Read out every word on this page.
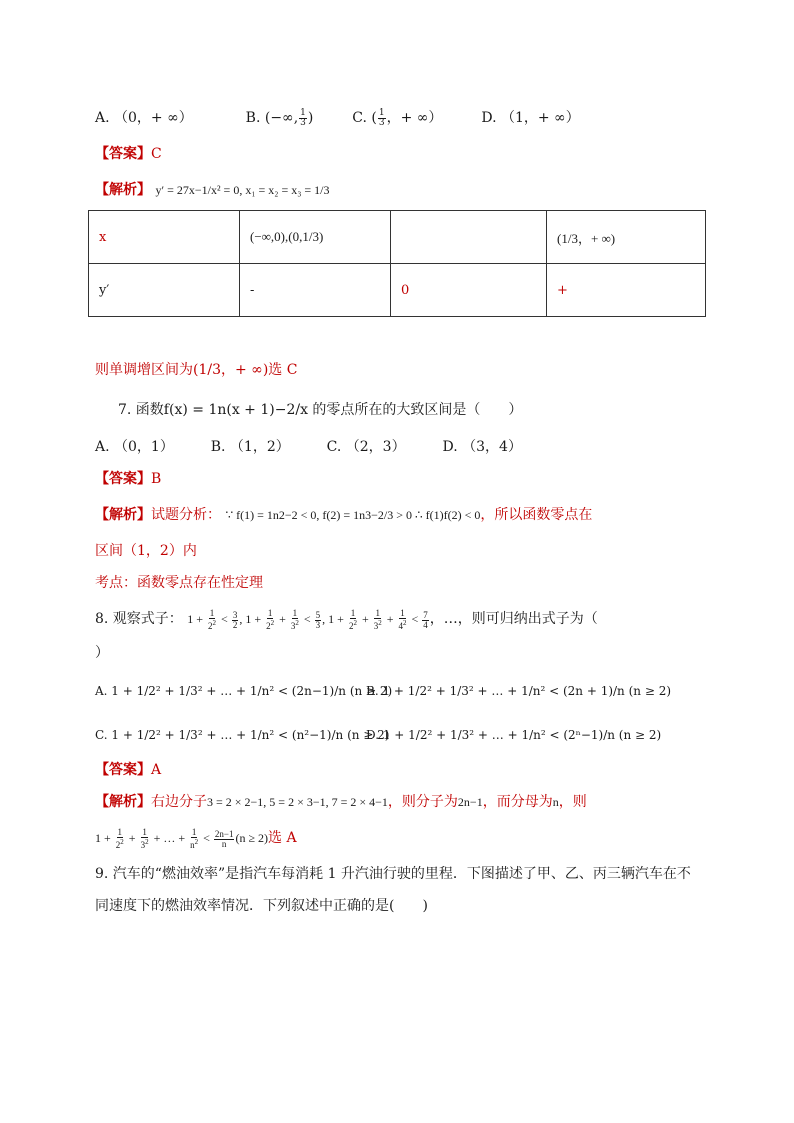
A. （0，+ ∞）	B. (−∞, $\frac{1}{3}$ )	C. ( $\frac{1}{3}$ ，+ ∞）	D. （1，+ ∞）
【答案】C
【解析】 y′ = 27x−1/x² = 0, x₁ = x₂ = x₃ = 1/3
x	(−∞,0),(0,1/3)		(1/3，+ ∞)
y′	-	0	+
则单调增区间为(1/3，+ ∞)选 C
7. 函数f(x) = 1n(x + 1)−2/x 的零点所在的大致区间是（　　）
A. （0，1）	B. （1，2）	C. （2，3）	D. （3，4）
【答案】B
【解析】试题分析： ∵ f(1) = 1n2−2 < 0, f(2) = 1n3−2/3 > 0 ∴ f(1)f(2) < 0，所以函数零点在
区间（1，2）内
考点：函数零点存在性定理
8. 观察式子： $1 + \frac{1}{2^2} < \frac{3}{2}$ , $1 + \frac{1}{2^2} + \frac{1}{3^2} < \frac{5}{3}$ , $1 + \frac{1}{2^2} + \frac{1}{3^2} + \frac{1}{4^2} < \frac{7}{4}$ ，…，则可归纳出式子为（
）
A. 1 + 1/2² + 1/3² + … + 1/n² < (2n−1)/n (n ≥ 2)
B. 1 + 1/2² + 1/3² + … + 1/n² < (2n + 1)/n (n ≥ 2)
C. 1 + 1/2² + 1/3² + … + 1/n² < (n²−1)/n (n ≥ 2)
D. 1 + 1/2² + 1/3² + … + 1/n² < (2ⁿ−1)/n (n ≥ 2)
【答案】A
【解析】右边分子3 = 2 × 2−1, 5 = 2 × 3−1, 7 = 2 × 4−1，则分子为2n−1，而分母为n，则
$1 + \frac{1}{2^2} + \frac{1}{3^2}$ + … + $\frac{1}{n^2} < \frac{2n-1}{n} (n \ge 2)$选 A
9. 汽车的“燃油效率”是指汽车每消耗 1 升汽油行驶的里程．下图描述了甲、乙、丙三辆汽车在不
同速度下的燃油效率情况．下列叙述中正确的是(　　)
